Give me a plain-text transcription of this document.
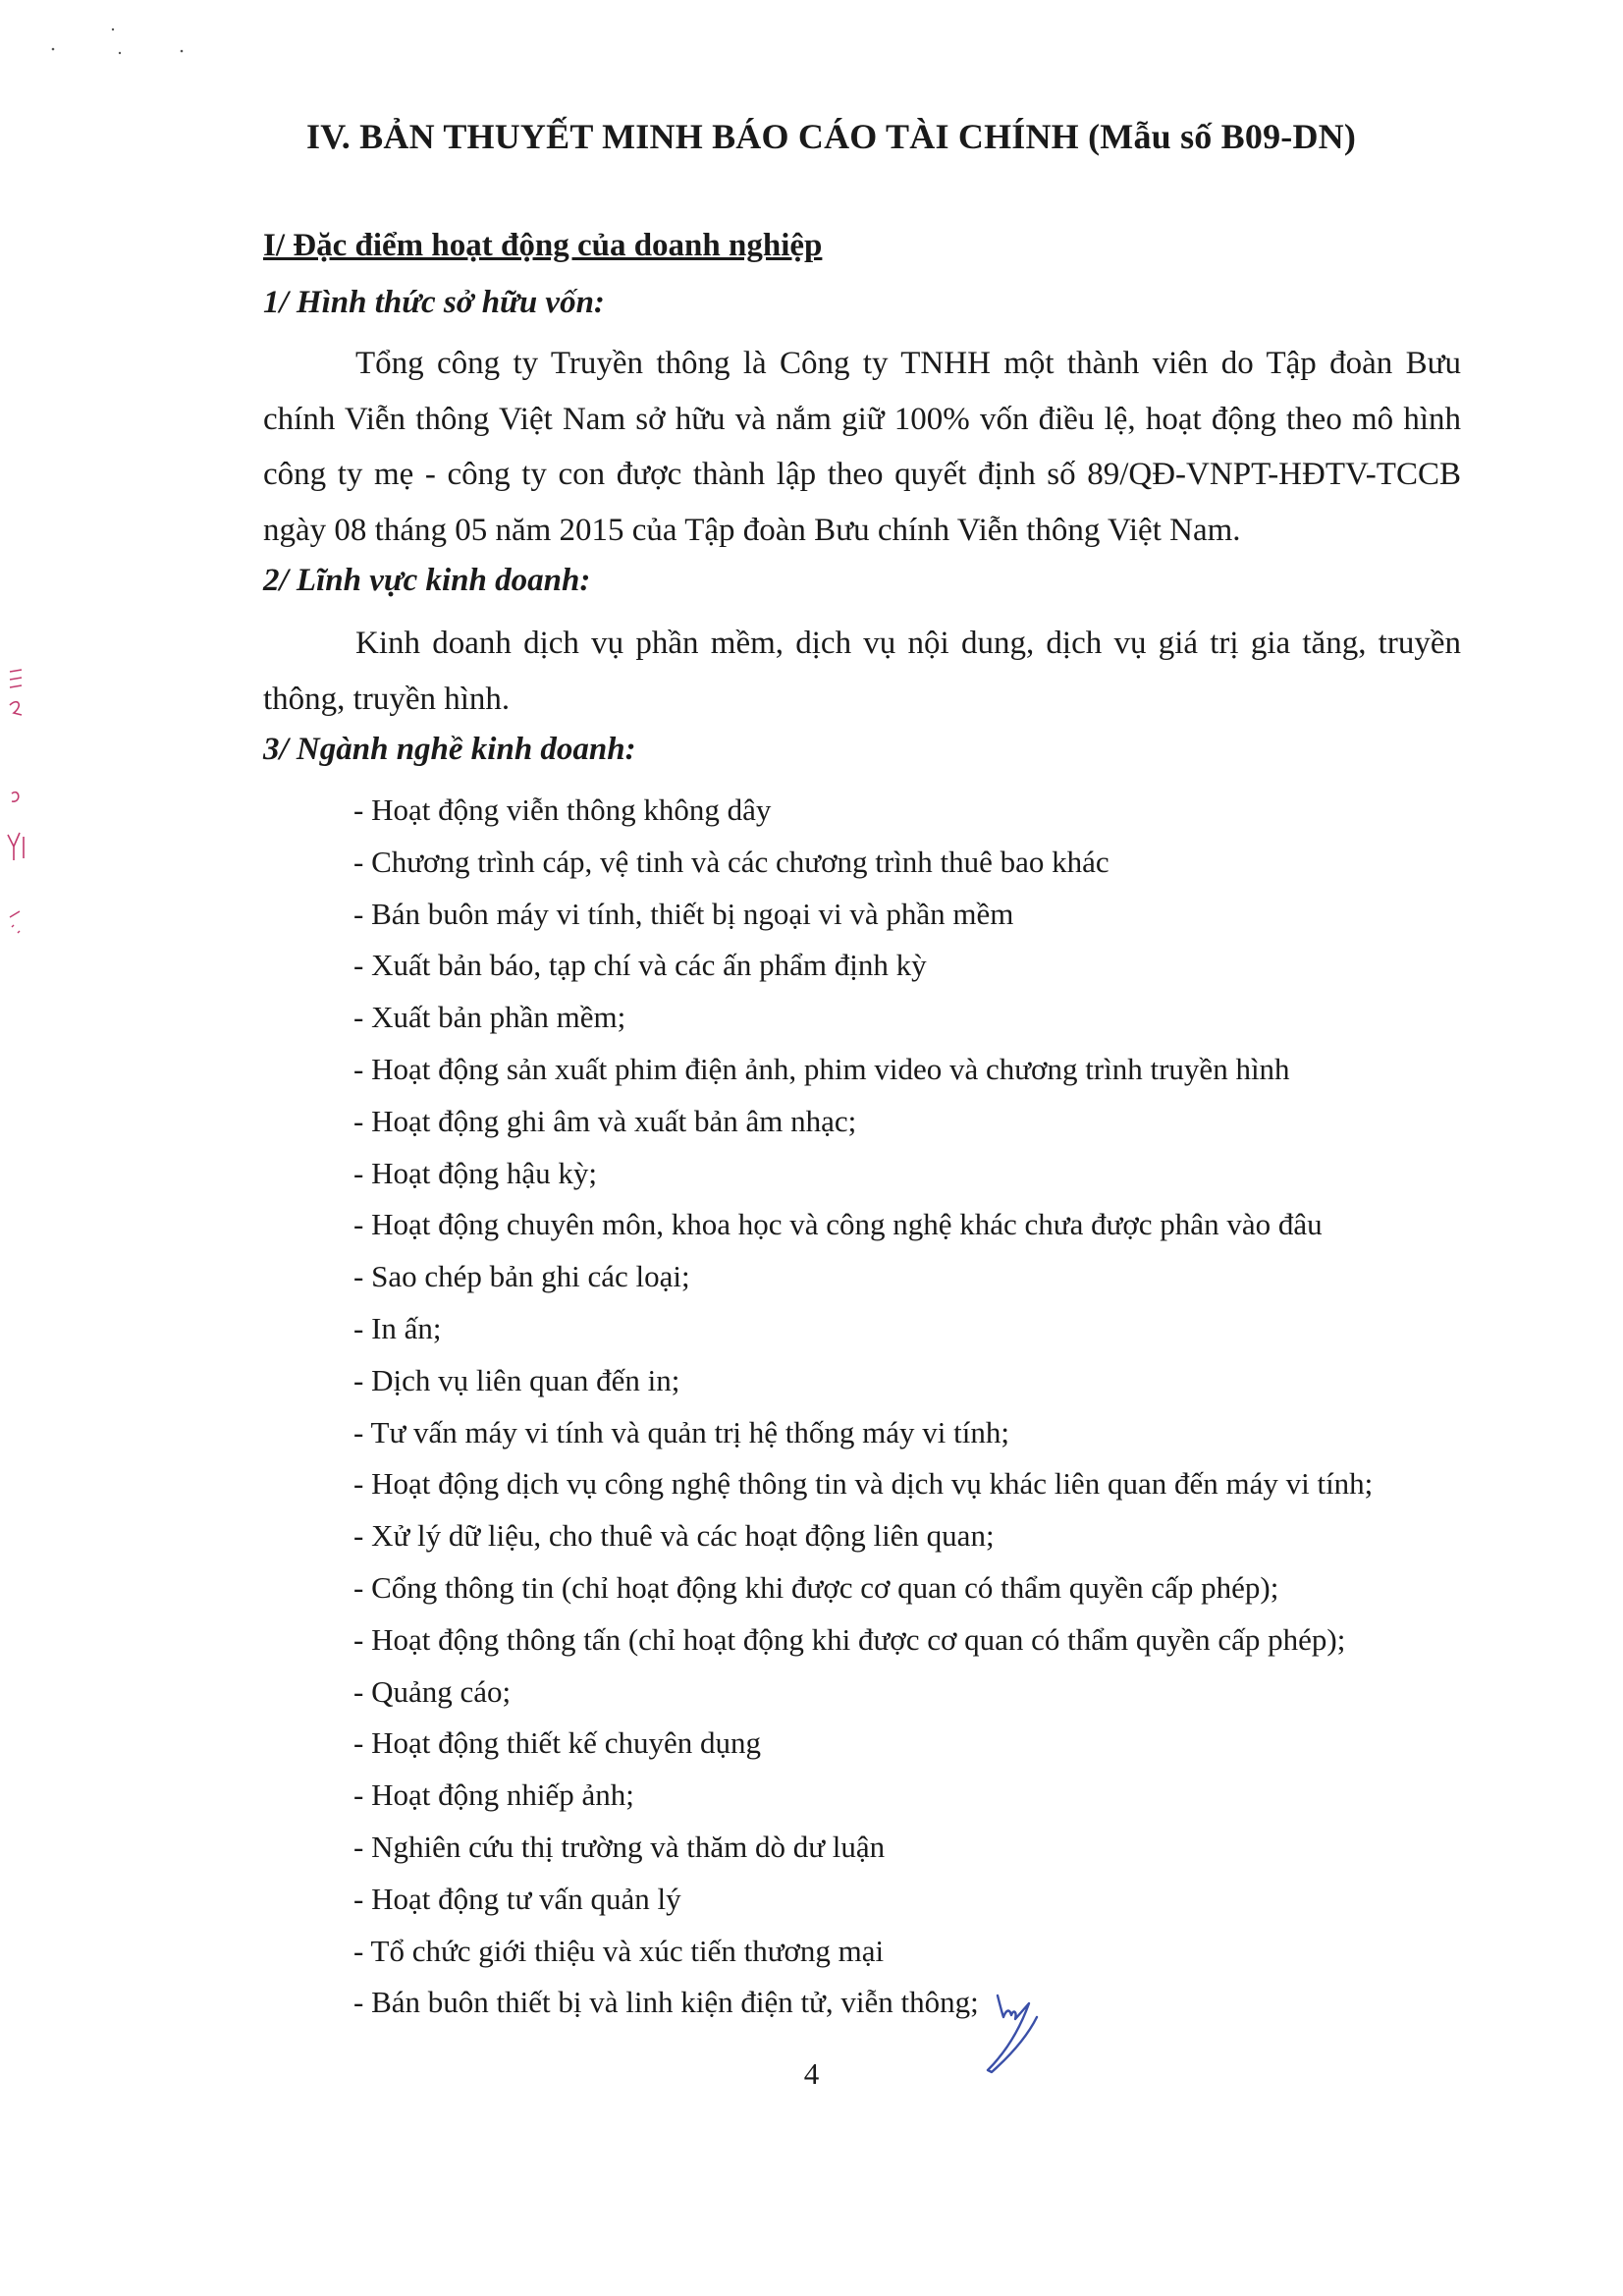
IV. BẢN THUYẾT MINH BÁO CÁO TÀI CHÍNH (Mẫu số B09-DN)
I/ Đặc điểm hoạt động của doanh nghiệp
1/ Hình thức sở hữu vốn:

Tổng công ty Truyền thông là Công ty TNHH một thành viên do Tập đoàn Bưu chính Viễn thông Việt Nam sở hữu và nắm giữ 100% vốn điều lệ, hoạt động theo mô hình công ty mẹ - công ty con được thành lập theo quyết định số 89/QĐ-VNPT-HĐTV-TCCB ngày 08 tháng 05 năm 2015 của Tập đoàn Bưu chính Viễn thông Việt Nam.

2/ Lĩnh vực kinh doanh:

Kinh doanh dịch vụ phần mềm, dịch vụ nội dung, dịch vụ giá trị gia tăng, truyền thông, truyền hình.

3/ Ngành nghề kinh doanh:
- Hoạt động viễn thông không dây
- Chương trình cáp, vệ tinh và các chương trình thuê bao khác
- Bán buôn máy vi tính, thiết bị ngoại vi và phần mềm
- Xuất bản báo, tạp chí và các ấn phẩm định kỳ
- Xuất bản phần mềm;
- Hoạt động sản xuất phim điện ảnh, phim video và chương trình truyền hình
- Hoạt động ghi âm và xuất bản âm nhạc;
- Hoạt động hậu kỳ;
- Hoạt động chuyên môn, khoa học và công nghệ khác chưa được phân vào đâu
- Sao chép bản ghi các loại;
- In ấn;
- Dịch vụ liên quan đến in;
- Tư vấn máy vi tính và quản trị hệ thống máy vi tính;
- Hoạt động dịch vụ công nghệ thông tin và dịch vụ khác liên quan đến máy vi tính;
- Xử lý dữ liệu, cho thuê và các hoạt động liên quan;
- Cổng thông tin (chỉ hoạt động khi được cơ quan có thẩm quyền cấp phép);
- Hoạt động thông tấn (chỉ hoạt động khi được cơ quan có thẩm quyền cấp phép);
- Quảng cáo;
- Hoạt động thiết kế chuyên dụng
- Hoạt động nhiếp ảnh;
- Nghiên cứu thị trường và thăm dò dư luận
- Hoạt động tư vấn quản lý
- Tổ chức giới thiệu và xúc tiến thương mại
- Bán buôn thiết bị và linh kiện điện tử, viễn thông;
4
